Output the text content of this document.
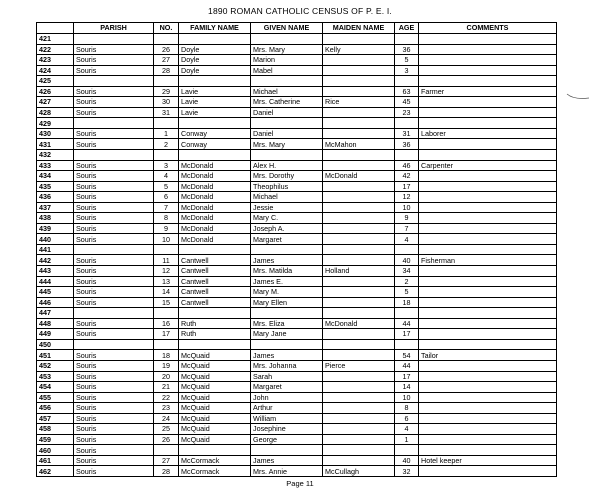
1890 ROMAN CATHOLIC CENSUS OF P. E. I.
	PARISH	NO.	FAMILY NAME	GIVEN NAME	MAIDEN NAME	AGE	COMMENTS
421							
422	Souris	26	Doyle	Mrs. Mary	Kelly	36	
423	Souris	27	Doyle	Marion		5	
424	Souris	28	Doyle	Mabel		3	
425							
426	Souris	29	Lavie	Michael		63	Farmer
427	Souris	30	Lavie	Mrs. Catherine	Rice	45	
428	Souris	31	Lavie	Daniel		23	
429							
430	Souris	1	Conway	Daniel		31	Laborer
431	Souris	2	Conway	Mrs. Mary	McMahon	36	
432							
433	Souris	3	McDonald	Alex H.		46	Carpenter
434	Souris	4	McDonald	Mrs. Dorothy	McDonald	42	
435	Souris	5	McDonald	Theophilus		17	
436	Souris	6	McDonald	Michael		12	
437	Souris	7	McDonald	Jessie		10	
438	Souris	8	McDonald	Mary C.		9	
439	Souris	9	McDonald	Joseph A.		7	
440	Souris	10	McDonald	Margaret		4	
441							
442	Souris	11	Cantwell	James		40	Fisherman
443	Souris	12	Cantwell	Mrs. Matilda	Holland	34	
444	Souris	13	Cantwell	James E.		2	
445	Souris	14	Cantwell	Mary M.		5	
446	Souris	15	Cantwell	Mary Ellen		18	
447							
448	Souris	16	Ruth	Mrs. Eliza	McDonald	44	
449	Souris	17	Ruth	Mary Jane		17	
450							
451	Souris	18	McQuaid	James		54	Tailor
452	Souris	19	McQuaid	Mrs. Johanna	Pierce	44	
453	Souris	20	McQuaid	Sarah		17	
454	Souris	21	McQuaid	Margaret		14	
455	Souris	22	McQuaid	John		10	
456	Souris	23	McQuaid	Arthur		8	
457	Souris	24	McQuaid	William		6	
458	Souris	25	McQuaid	Josephine		4	
459	Souris	26	McQuaid	George		1	
460	Souris						
461	Souris	27	McCormack	James		40	Hotel keeper
462	Souris	28	McCormack	Mrs. Annie	McCullagh	32	
Page 11
